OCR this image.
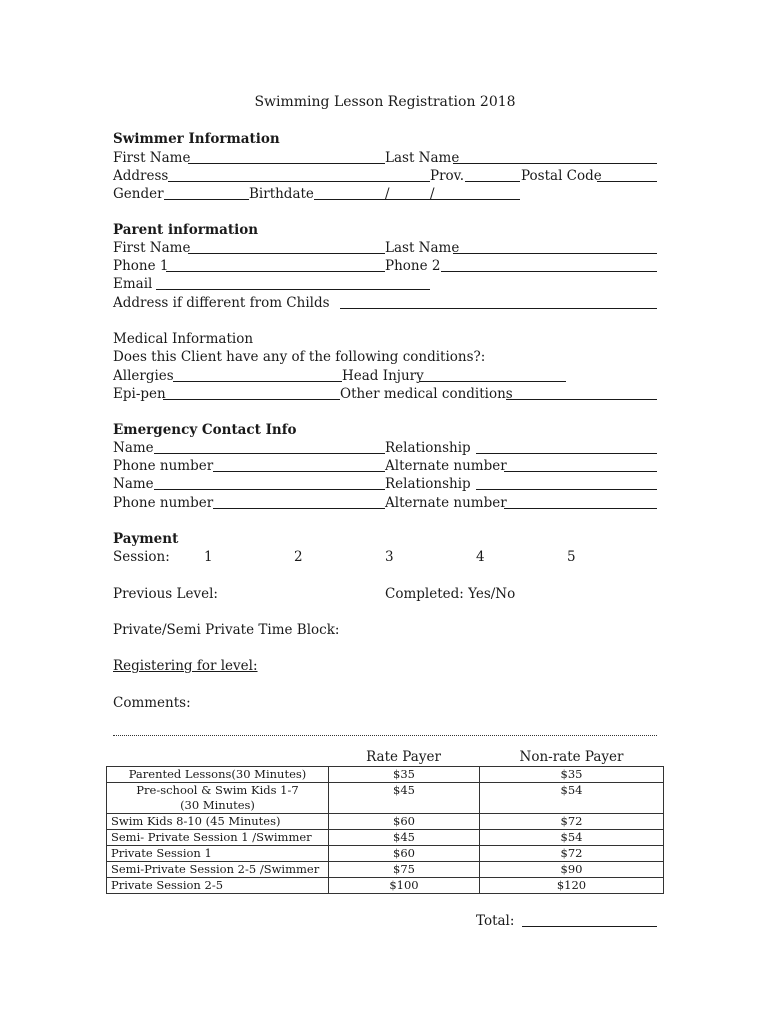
Swimming Lesson Registration 2018
Swimmer Information
First Name	Last Name
Address	Prov.	Postal Code
Gender	Birthdate	/	/
Parent information
First Name	Last Name
Phone 1	Phone 2
Email
Address if different from Childs
Medical Information
Does this Client have any of the following conditions?:
Allergies	Head Injury
Epi-pen	Other medical conditions
Emergency Contact Info
Name	Relationship
Phone number	Alternate number
Name	Relationship
Phone number	Alternate number
Payment
Session:	1	2	3	4	5
Previous Level:	Completed: Yes/No
Private/Semi Private Time Block:
Registering for level:
Comments:
Rate Payer	Non-rate Payer
Parented Lessons(30 Minutes)	$35	$35

Pre-school & Swim Kids 1-7
(30 Minutes)	$45	$54
Swim Kids 8-10 (45 Minutes)	$60	$72
Semi- Private Session 1 /Swimmer	$45	$54
Private Session 1	$60	$72
Semi-Private Session 2-5 /Swimmer	$75	$90
Private Session 2-5	$100	$120
Total:
